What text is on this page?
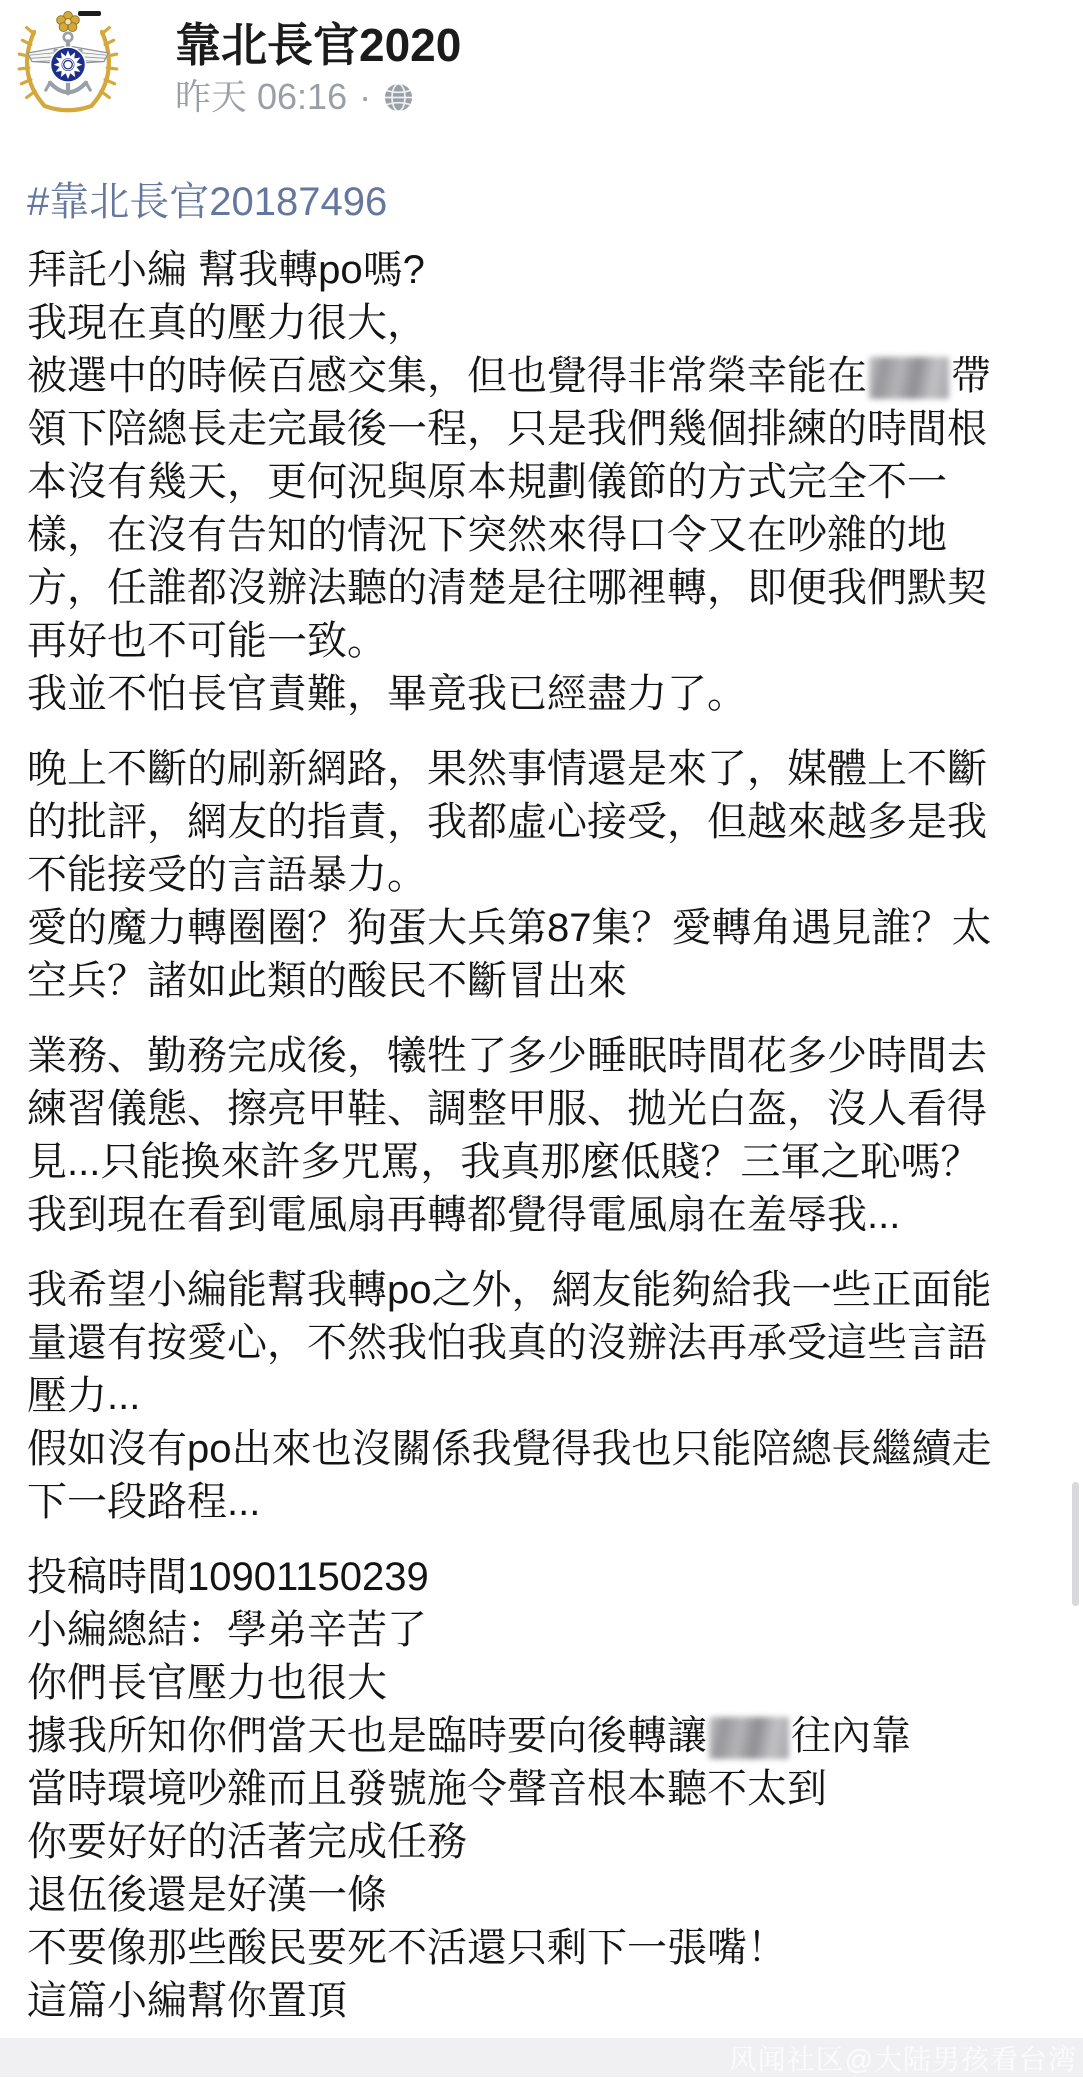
靠北長官2020
昨天 06:16 ·
#靠北長官20187496

拜託小編 幫我轉po嗎?
我現在真的壓力很大，
被選中的時候百感交集，但也覺得非常榮幸能在 帶
領下陪總長走完最後一程，只是我們幾個排練的時間根
本沒有幾天，更何況與原本規劃儀節的方式完全不一
樣，在沒有告知的情況下突然來得口令又在吵雜的地
方，任誰都沒辦法聽的清楚是往哪裡轉，即便我們默契
再好也不可能一致。
我並不怕長官責難，畢竟我已經盡力了。

晚上不斷的刷新網路，果然事情還是來了，媒體上不斷
的批評，網友的指責，我都虛心接受，但越來越多是我
不能接受的言語暴力。
愛的魔力轉圈圈？狗蛋大兵第87集？愛轉角遇見誰？太
空兵？諸如此類的酸民不斷冒出來

業務、勤務完成後，犧牲了多少睡眠時間花多少時間去
練習儀態、擦亮甲鞋、調整甲服、拋光白盔，沒人看得
見...只能換來許多咒罵，我真那麼低賤？三軍之恥嗎？
我到現在看到電風扇再轉都覺得電風扇在羞辱我...

我希望小編能幫我轉po之外，網友能夠給我一些正面能
量還有按愛心，不然我怕我真的沒辦法再承受這些言語
壓力...
假如沒有po出來也沒關係我覺得我也只能陪總長繼續走
下一段路程...

投稿時間10901150239
小編總結：學弟辛苦了
你們長官壓力也很大
據我所知你們當天也是臨時要向後轉讓 往內靠
當時環境吵雜而且發號施令聲音根本聽不太到
你要好好的活著完成任務
退伍後還是好漢一條
不要像那些酸民要死不活還只剩下一張嘴！
這篇小編幫你置頂

风闻社区@大陆男孩看台湾
